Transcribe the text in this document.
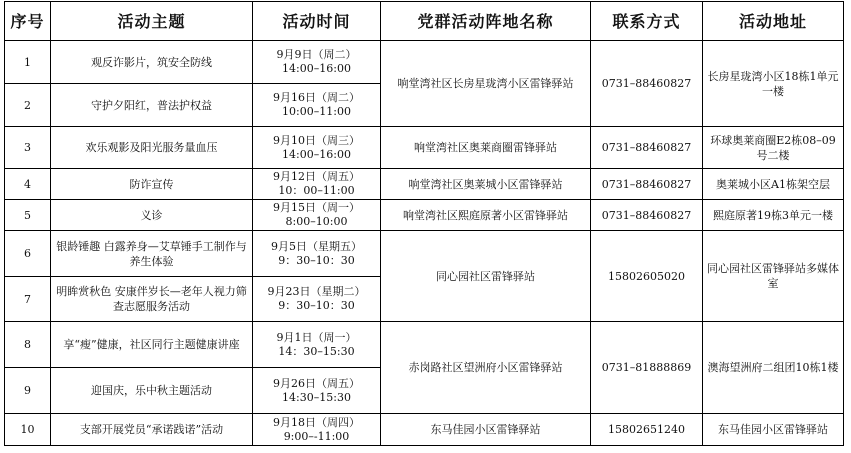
序号	活动主题	活动时间	党群活动阵地名称	联系方式	活动地址
1	观反诈影片，筑安全防线	9月9日（周二）
14:00–16:00	响堂湾社区长房星珑湾小区雷锋驿站	0731–88460827	长房星珑湾小区18栋1单元一楼
2	守护夕阳红，普法护权益	9月16日（周二）
10:00–11:00			
3	欢乐观影及阳光服务量血压	9月10日（周三）
14:00–16:00	响堂湾社区奥莱商圈雷锋驿站	0731–88460827	环球奥莱商圈E2栋08–09号二楼
4	防诈宣传	9月12日（周五）
10：00–11:00	响堂湾社区奥莱城小区雷锋驿站	0731–88460827	奥莱城小区A1栋架空层
5	义诊	9月15日（周一）
8:00–10:00	响堂湾社区熙庭原著小区雷锋驿站	0731–88460827	熙庭原著19栋3单元一楼
6	银龄锤趣 白露养身—艾草锤手工制作与养生体验	9月5日（星期五）
9：30–10：30	同心园社区雷锋驿站	15802605020	同心园社区雷锋驿站多媒体室
7	明眸赏秋色 安康伴岁长—老年人视力筛查志愿服务活动	9月23日（星期二）
9：30–10：30			
8	享“瘦”健康，社区同行主题健康讲座	9月1日（周一）
14：30–15:30	赤岗路社区望洲府小区雷锋驿站	0731–81888869	澳海望洲府二组团10栋1楼
9	迎国庆，乐中秋主题活动	9月26日（周五）
14:30–15:30			
10	支部开展党员“承诺践诺”活动	9月18日（周四）
9:00–-11:00	东马佳园小区雷锋驿站	15802651240	东马佳园小区雷锋驿站
